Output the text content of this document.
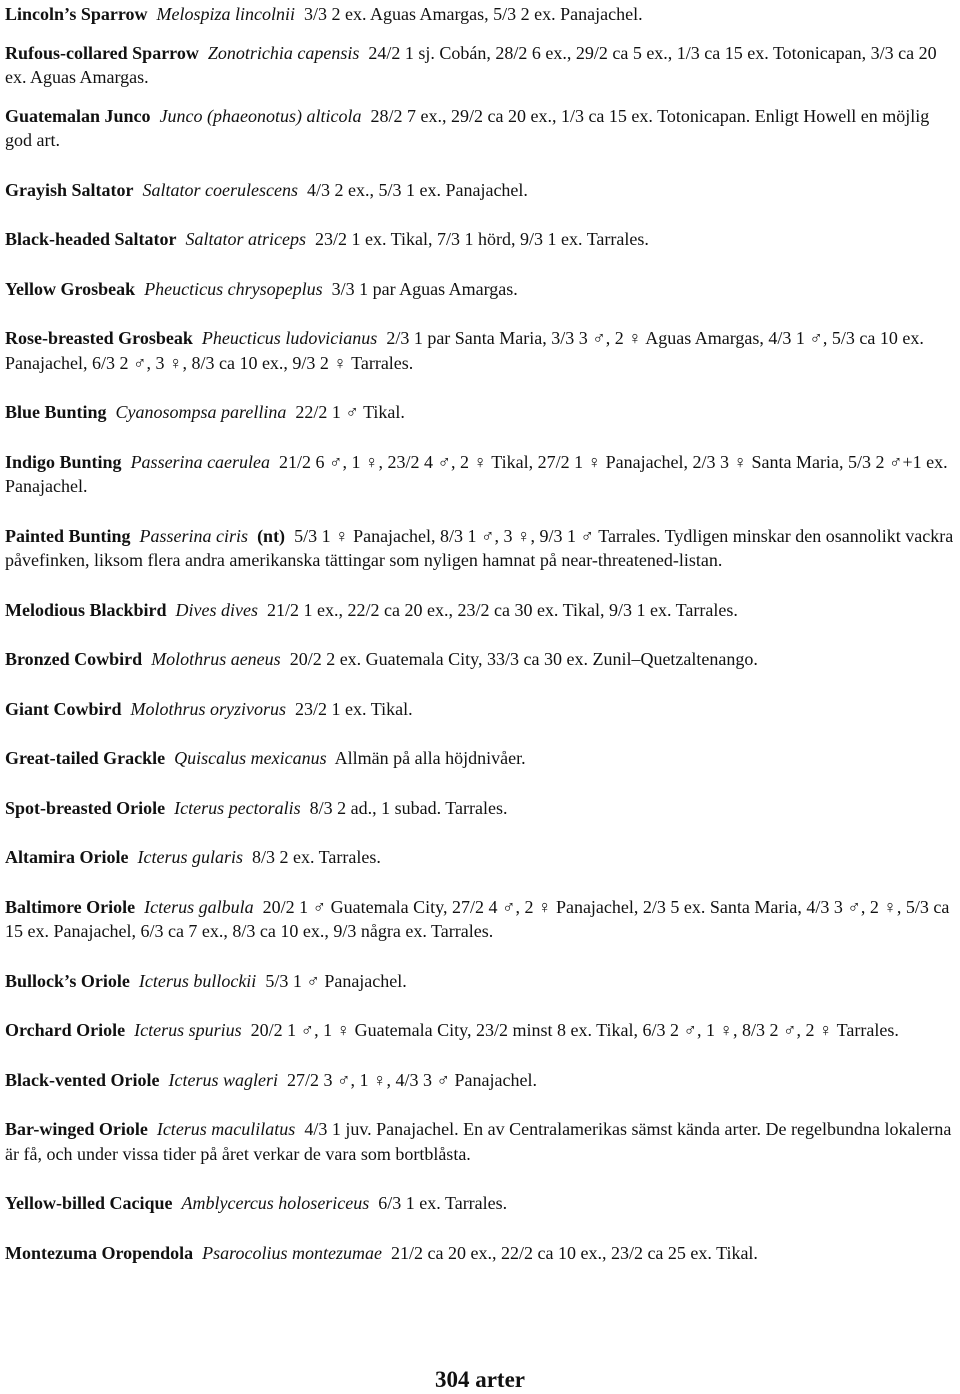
Lincoln’s Sparrow Melospiza lincolnii 3/3 2 ex. Aguas Amargas, 5/3 2 ex. Panajachel.

Rufous-collared Sparrow Zonotrichia capensis 24/2 1 sj. Cobán, 28/2 6 ex., 29/2 ca 5 ex., 1/3 ca 15 ex. Totonicapan, 3/3 ca 20 ex. Aguas Amargas.

Guatemalan Junco Junco (phaeonotus) alticola 28/2 7 ex., 29/2 ca 20 ex., 1/3 ca 15 ex. Totonicapan. Enligt Howell en möjlig god art.

Grayish Saltator Saltator coerulescens 4/3 2 ex., 5/3 1 ex. Panajachel.

Black-headed Saltator Saltator atriceps 23/2 1 ex. Tikal, 7/3 1 hörd, 9/3 1 ex. Tarrales.

Yellow Grosbeak Pheucticus chrysopeplus 3/3 1 par Aguas Amargas.

Rose-breasted Grosbeak Pheucticus ludovicianus 2/3 1 par Santa Maria, 3/3 3 ♂, 2 ♀ Aguas Amargas, 4/3 1 ♂, 5/3 ca 10 ex. Panajachel, 6/3 2 ♂, 3 ♀, 8/3 ca 10 ex., 9/3 2 ♀ Tarrales.

Blue Bunting Cyanosompsa parellina 22/2 1 ♂ Tikal.

Indigo Bunting Passerina caerulea 21/2 6 ♂, 1 ♀, 23/2 4 ♂, 2 ♀ Tikal, 27/2 1 ♀ Panajachel, 2/3 3 ♀ Santa Maria, 5/3 2 ♂+1 ex. Panajachel.

Painted Bunting Passerina ciris (nt) 5/3 1 ♀ Panajachel, 8/3 1 ♂, 3 ♀, 9/3 1 ♂ Tarrales. Tydligen minskar den osannolikt vackra påvefinken, liksom flera andra amerikanska tättingar som nyligen hamnat på near-threatened-listan.

Melodious Blackbird Dives dives 21/2 1 ex., 22/2 ca 20 ex., 23/2 ca 30 ex. Tikal, 9/3 1 ex. Tarrales.

Bronzed Cowbird Molothrus aeneus 20/2 2 ex. Guatemala City, 33/3 ca 30 ex. Zunil–Quetzaltenango.

Giant Cowbird Molothrus oryzivorus 23/2 1 ex. Tikal.

Great-tailed Grackle Quiscalus mexicanus Allmän på alla höjdnivåer.

Spot-breasted Oriole Icterus pectoralis 8/3 2 ad., 1 subad. Tarrales.

Altamira Oriole Icterus gularis 8/3 2 ex. Tarrales.

Baltimore Oriole Icterus galbula 20/2 1 ♂ Guatemala City, 27/2 4 ♂, 2 ♀ Panajachel, 2/3 5 ex. Santa Maria, 4/3 3 ♂, 2 ♀, 5/3 ca 15 ex. Panajachel, 6/3 ca 7 ex., 8/3 ca 10 ex., 9/3 några ex. Tarrales.

Bullock’s Oriole Icterus bullockii 5/3 1 ♂ Panajachel.

Orchard Oriole Icterus spurius 20/2 1 ♂, 1 ♀ Guatemala City, 23/2 minst 8 ex. Tikal, 6/3 2 ♂, 1 ♀, 8/3 2 ♂, 2 ♀ Tarrales.

Black-vented Oriole Icterus wagleri 27/2 3 ♂, 1 ♀, 4/3 3 ♂ Panajachel.

Bar-winged Oriole Icterus maculilatus 4/3 1 juv. Panajachel. En av Centralamerikas sämst kända arter. De regelbundna lokalerna är få, och under vissa tider på året verkar de vara som bortblåsta.

Yellow-billed Cacique Amblycercus holosericeus 6/3 1 ex. Tarrales.

Montezuma Oropendola Psarocolius montezumae 21/2 ca 20 ex., 22/2 ca 10 ex., 23/2 ca 25 ex. Tikal.

304 arter
